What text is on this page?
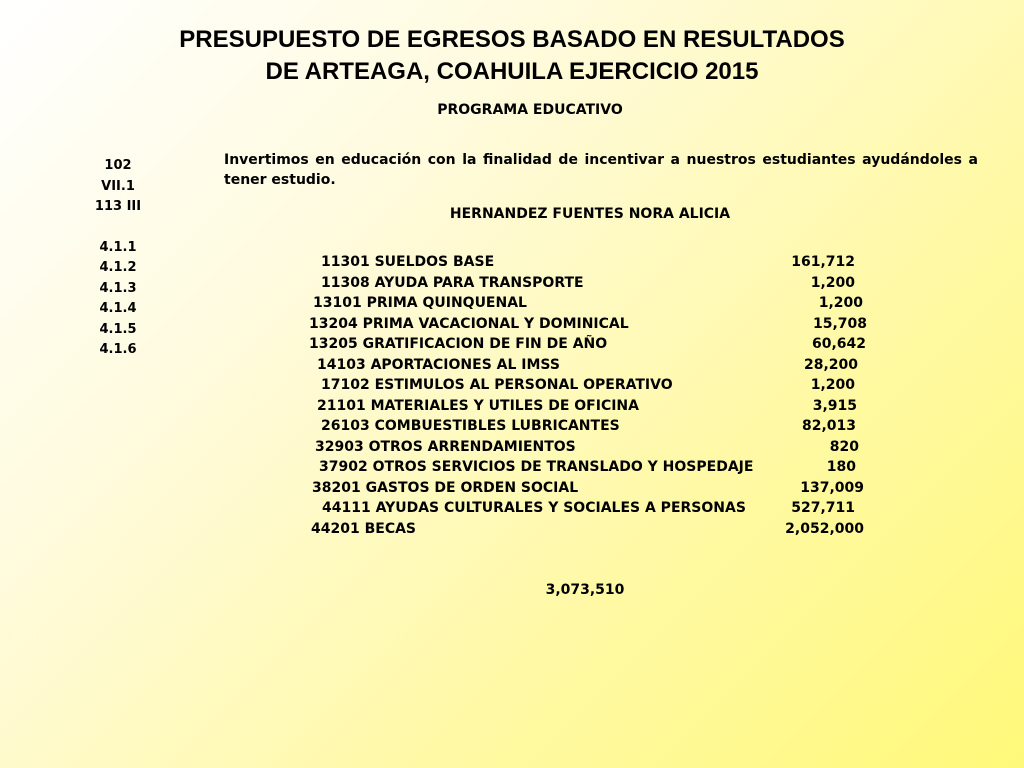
PRESUPUESTO DE EGRESOS BASADO EN RESULTADOS
DE ARTEAGA, COAHUILA EJERCICIO 2015
PROGRAMA EDUCATIVO
102
VII.1
113 III
4.1.1
4.1.2
4.1.3
4.1.4
4.1.5
4.1.6
Invertimos en educación con la finalidad de incentivar a nuestros estudiantes ayudándoles a tener estudio.
HERNANDEZ FUENTES NORA ALICIA
11301 SUELDOS BASE	161,712
11308 AYUDA PARA TRANSPORTE	1,200
13101 PRIMA QUINQUENAL	1,200
13204 PRIMA VACACIONAL Y DOMINICAL	15,708
13205 GRATIFICACION DE FIN DE AÑO	60,642
14103 APORTACIONES AL IMSS	28,200
17102 ESTIMULOS AL PERSONAL OPERATIVO	1,200
21101 MATERIALES Y UTILES DE OFICINA	3,915
26103 COMBUESTIBLES LUBRICANTES	82,013
32903 OTROS ARRENDAMIENTOS	820
37902 OTROS SERVICIOS DE TRANSLADO Y HOSPEDAJE	180
38201 GASTOS DE ORDEN SOCIAL	137,009
44111 AYUDAS CULTURALES Y SOCIALES A PERSONAS	527,711
44201 BECAS	2,052,000
3,073,510
